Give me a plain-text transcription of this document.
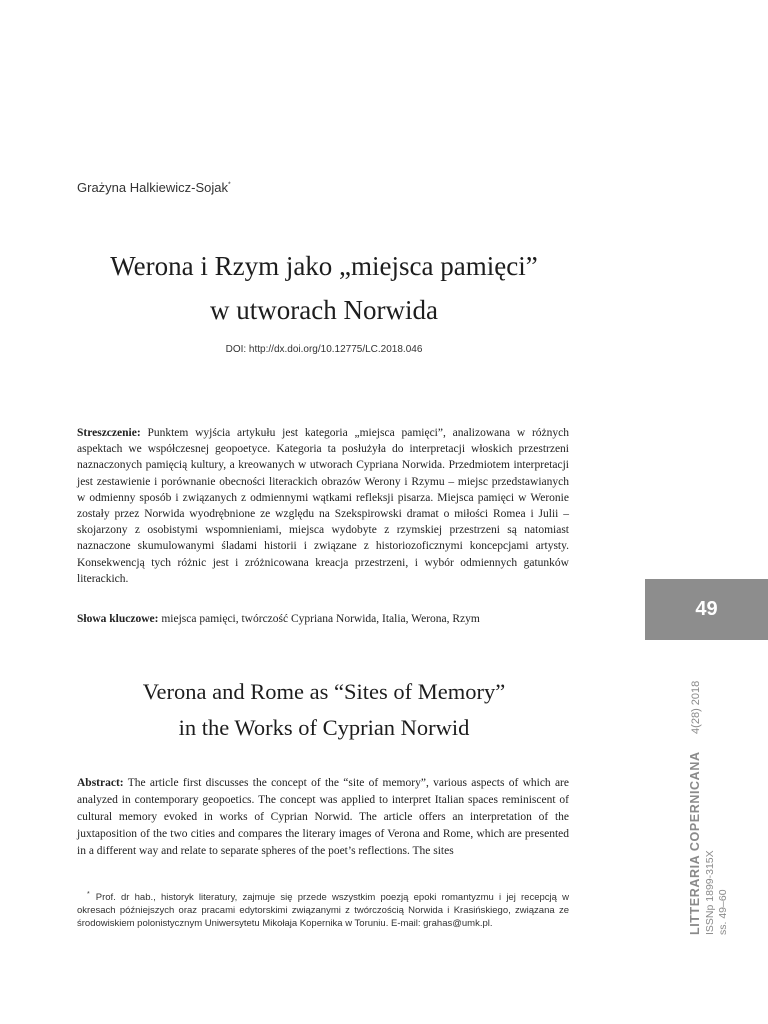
Grażyna Halkiewicz-Sojak*
Werona i Rzym jako „miejsca pamięci”
w utworach Norwida
DOI: http://dx.doi.org/10.12775/LC.2018.046
Streszczenie: Punktem wyjścia artykułu jest kategoria „miejsca pamięci”, analizowana w różnych aspektach we współczesnej geopoetyce. Kategoria ta posłużyła do interpretacji włoskich przestrzeni naznaczonych pamięcią kultury, a kreowanych w utworach Cypriana Norwida. Przedmiotem interpretacji jest zestawienie i porównanie obecności literackich obrazów Werony i Rzymu – miejsc przedstawianych w odmienny sposób i związanych z odmiennymi wątkami refleksji pisarza. Miejsca pamięci w Weronie zostały przez Norwida wyodrębnione ze względu na Szekspirowski dramat o miłości Romea i Julii – skojarzony z osobistymi wspomnieniami, miejsca wydobyte z rzymskiej przestrzeni są natomiast naznaczone skumulowanymi śladami historii i związane z historiozoficznymi koncepcjami artysty. Konsekwencją tych różnic jest i zróżnicowana kreacja przestrzeni, i wybór odmiennych gatunków literackich.
Słowa kluczowe: miejsca pamięci, twórczość Cypriana Norwida, Italia, Werona, Rzym
Verona and Rome as “Sites of Memory”
in the Works of Cyprian Norwid
Abstract: The article first discusses the concept of the “site of memory”, various aspects of which are analyzed in contemporary geopoetics. The concept was applied to interpret Italian spaces reminiscent of cultural memory evoked in works of Cyprian Norwid. The article offers an interpretation of the juxtaposition of the two cities and compares the literary images of Verona and Rome, which are presented in a different way and relate to separate spheres of the poet’s reflections. The sites
* Prof. dr hab., historyk literatury, zajmuje się przede wszystkim poezją epoki romantyzmu i jej recepcją w okresach późniejszych oraz pracami edytorskimi związanymi z twórczością Norwida i Krasińskiego, związana ze środowiskiem polonistycznym Uniwersytetu Mikołaja Kopernika w Toruniu. E-mail: grahas@umk.pl.
49
LITTERARIA COPERNICANA 4(28) 2018
ISSNp 1899-315X ss. 49–60
